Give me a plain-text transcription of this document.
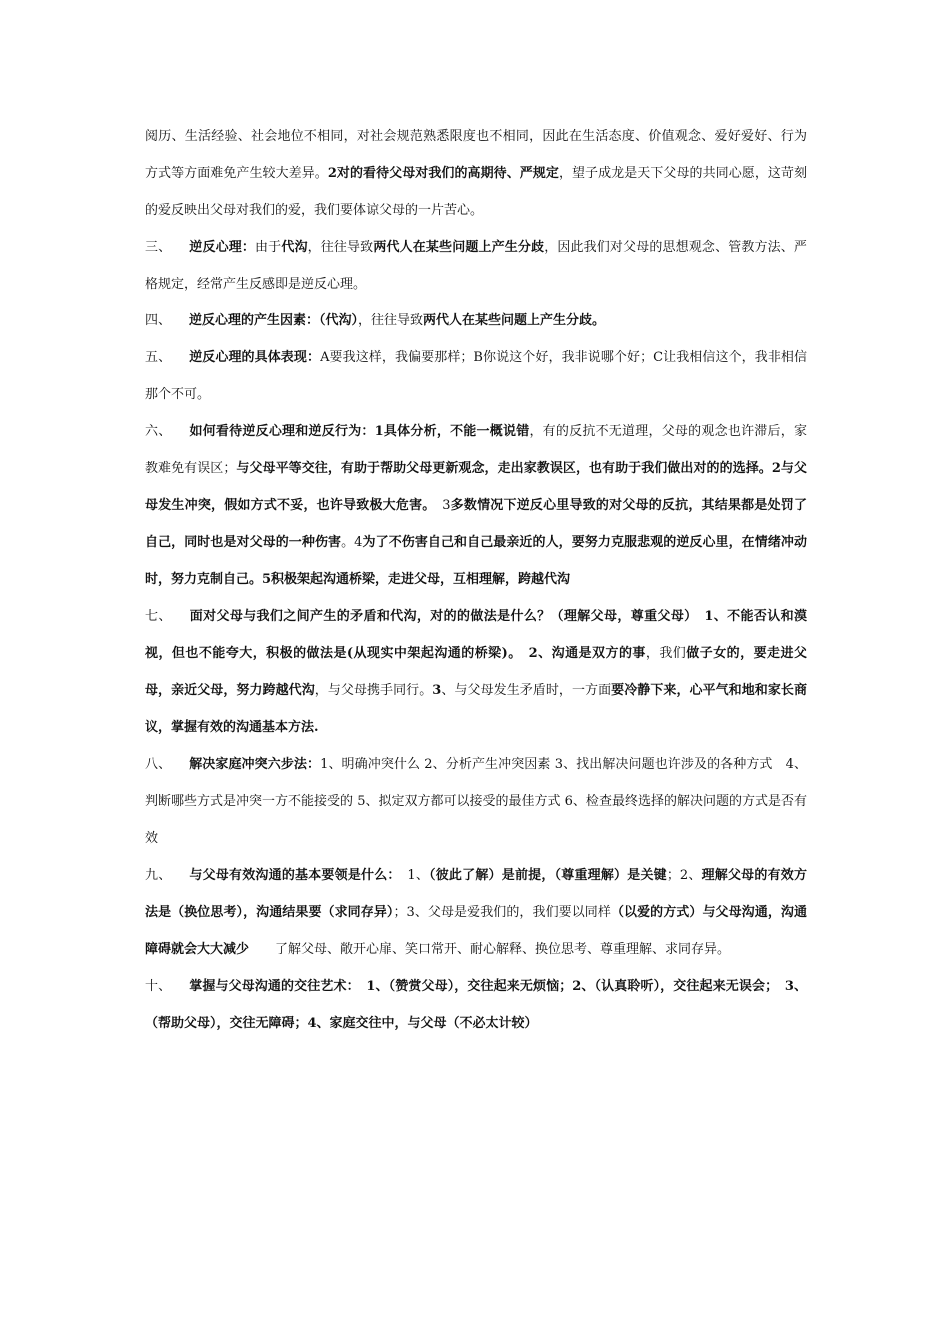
阅历、生活经验、社会地位不相同，对社会规范熟悉限度也不相同，因此在生活态度、价值观念、爱好爱好、行为方式等方面难免产生较大差异。2对的看待父母对我们的高期待、严规定，望子成龙是天下父母的共同心愿，这苛刻的爱反映出父母对我们的爱，我们要体谅父母的一片苦心。

三、 逆反心理：由于代沟，往往导致两代人在某些问题上产生分歧，因此我们对父母的思想观念、管教方法、严格规定，经常产生反感即是逆反心理。

四、 逆反心理的产生因素：（代沟），往往导致两代人在某些问题上产生分歧。

五、 逆反心理的具体表现：A要我这样，我偏要那样；B你说这个好，我非说哪个好；C让我相信这个，我非相信那个不可。

六、 如何看待逆反心理和逆反行为：1具体分析，不能一概说错，有的反抗不无道理，父母的观念也许滞后，家教难免有误区；与父母平等交往，有助于帮助父母更新观念，走出家教误区，也有助于我们做出对的的选择。2与父母发生冲突，假如方式不妥，也许导致极大危害。　3多数情况下逆反心里导致的对父母的反抗，其结果都是处罚了自己，同时也是对父母的一种伤害。4为了不伤害自己和自己最亲近的人，要努力克服悲观的逆反心里，在情绪冲动时，努力克制自己。5积极架起沟通桥梁，走进父母，互相理解，跨越代沟

七、 面对父母与我们之间产生的矛盾和代沟，对的的做法是什么？（理解父母，尊重父母）　1、不能否认和漠视，但也不能夸大，积极的做法是(从现实中架起沟通的桥梁)。　2、沟通是双方的事，我们做子女的，要走进父母，亲近父母，努力跨越代沟，与父母携手同行。3、与父母发生矛盾时，一方面要冷静下来，心平气和地和家长商议，掌握有效的沟通基本方法.

八、 解决家庭冲突六步法：1、明确冲突什么 2、分析产生冲突因素 3、找出解决问题也许涉及的各种方式　4、判断哪些方式是冲突一方不能接受的 5、拟定双方都可以接受的最佳方式 6、检查最终选择的解决问题的方式是否有效

九、 与父母有效沟通的基本要领是什么：　1、（彼此了解）是前提，（尊重理解）是关键；2、理解父母的有效方法是（换位思考），沟通结果要（求同存异）；3、父母是爱我们的，我们要以同样（以爱的方式）与父母沟通，沟通障碍就会大大减少　　了解父母、敞开心扉、笑口常开、耐心解释、换位思考、尊重理解、求同存异。

十、 掌握与父母沟通的交往艺术：　1、（赞赏父母），交往起来无烦恼；2、（认真聆听），交往起来无误会；　3、（帮助父母），交往无障碍；4、家庭交往中，与父母（不必太计较）
